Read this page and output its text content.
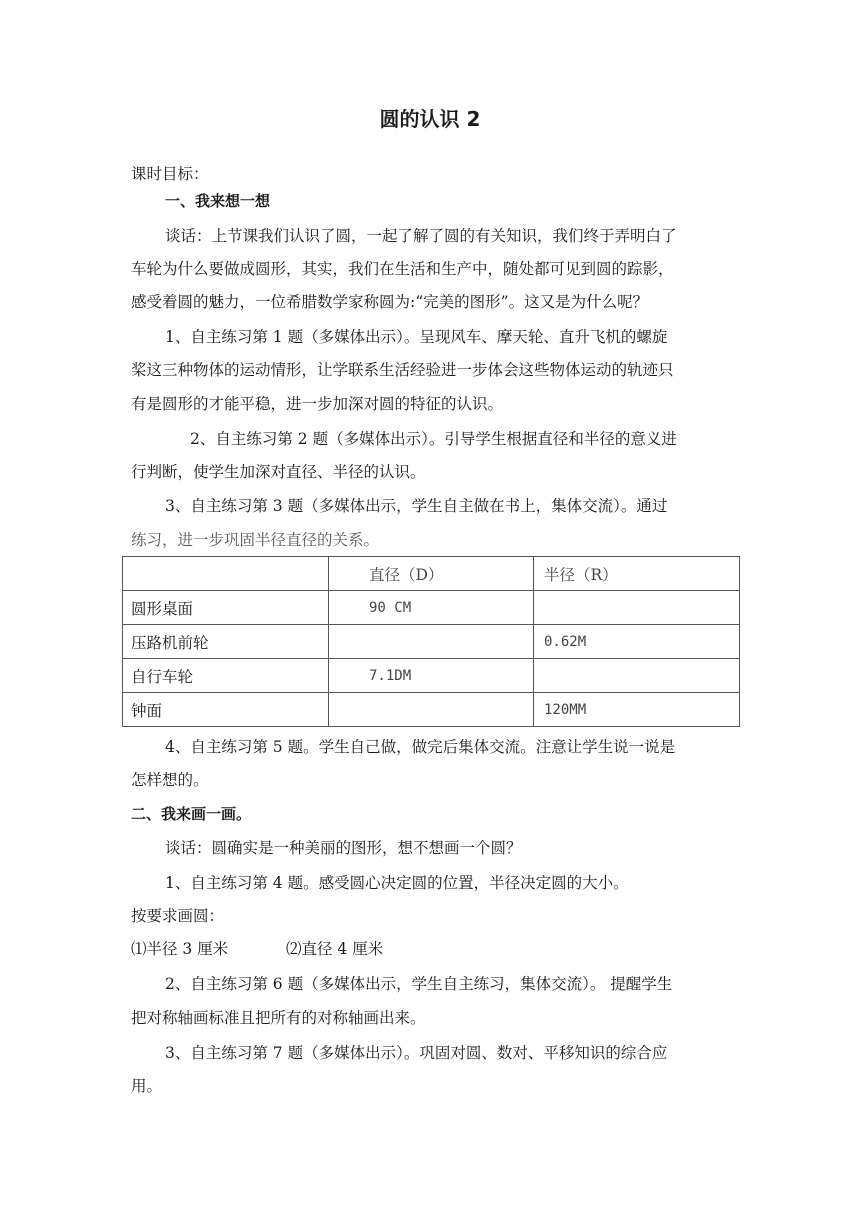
圆的认识 2
课时目标：
一、我来想一想
谈话：上节课我们认识了圆，一起了解了圆的有关知识，我们终于弄明白了
车轮为什么要做成圆形，其实，我们在生活和生产中，随处都可见到圆的踪影，
感受着圆的魅力，一位希腊数学家称圆为:“完美的图形”。这又是为什么呢？
1、自主练习第 1 题（多媒体出示）。呈现风车、摩天轮、直升飞机的螺旋
桨这三种物体的运动情形，让学联系生活经验进一步体会这些物体运动的轨迹只
有是圆形的才能平稳，进一步加深对圆的特征的认识。
2、自主练习第 2 题（多媒体出示）。引导学生根据直径和半径的意义进
行判断，使学生加深对直径、半径的认识。
3、自主练习第 3 题（多媒体出示，学生自主做在书上，集体交流）。通过
练习，进一步巩固半径直径的关系。
	直径（D）	半径（R）
圆形桌面	90 CM	
压路机前轮		0.62M
自行车轮	7.1DM	
钟面		120MM
4、自主练习第 5 题。学生自己做，做完后集体交流。注意让学生说一说是
怎样想的。
二、我来画一画。
谈话：圆确实是一种美丽的图形，想不想画一个圆？
1、自主练习第 4 题。感受圆心决定圆的位置，半径决定圆的大小。
按要求画圆：
⑴半径 3 厘米	⑵直径 4 厘米
2、自主练习第 6 题（多媒体出示，学生自主练习，集体交流）。 提醒学生
把对称轴画标准且把所有的对称轴画出来。
3、自主练习第 7 题（多媒体出示）。巩固对圆、数对、平移知识的综合应
用。
